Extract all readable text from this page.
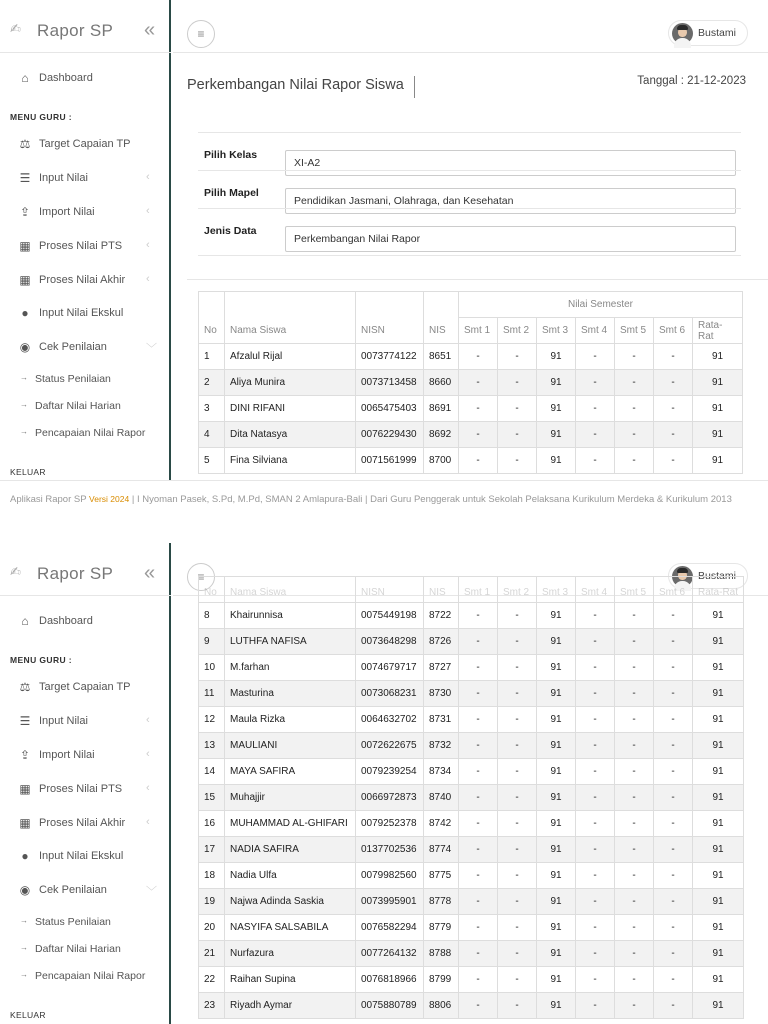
✍ Rapor SP «
⌂ Dashboard
MENU GURU :
⚖ Target Capaian TP
☰ Input Nilai	‹
⇪ Import Nilai	‹
▦ Proses Nilai PTS ‹
▦ Proses Nilai Akhir ‹
● Input Nilai Ekskul
◉ Cek Penilaian	﹀
→ Status Penilaian
→ Daftar Nilai Harian
→ Pencapaian Nilai Rapor
KELUAR
≡	Bustami
Perkembangan Nilai Rapor Siswa	Tanggal : 21-12-2023
Pilih Kelas
XI-A2
Pilih Mapel
Pendidikan Jasmani, Olahraga, dan Kesehatan
Jenis Data
Perkembangan Nilai Rapor
No	Nama Siswa	NISN	NIS	Nilai Semester						
				Smt 1	Smt 2	Smt 3	Smt 4	Smt 5	Smt 6	Rata-Rat
1	Afzalul Rijal	0073774122	8651	-	-	91	-	-	-	91
2	Aliya Munira	0073713458	8660	-	-	91	-	-	-	91
3	DINI RIFANI	0065475403	8691	-	-	91	-	-	-	91
4	Dita Natasya	0076229430	8692	-	-	91	-	-	-	91
5	Fina Silviana	0071561999	8700	-	-	91	-	-	-	91
Aplikasi Rapor SP Versi 2024 | I Nyoman Pasek, S.Pd, M.Pd, SMAN 2 Amlapura-Bali | Dari Guru Penggerak untuk Sekolah Pelaksana Kurikulum Merdeka & Kurikulum 2013
✍ Rapor SP «
⌂ Dashboard
MENU GURU :
⚖ Target Capaian TP
☰ Input Nilai	‹
⇪ Import Nilai	‹
▦ Proses Nilai PTS ‹
▦ Proses Nilai Akhir ‹
● Input Nilai Ekskul
◉ Cek Penilaian	﹀
→ Status Penilaian
→ Daftar Nilai Harian
→ Pencapaian Nilai Rapor
KELUAR
≡	Bustami
No	Nama Siswa	NISN	NIS	Smt 1	Smt 2	Smt 3	Smt 4	Smt 5	Smt 6	Rata-Rat
8	Khairunnisa	0075449198	8722	-	-	91	-	-	-	91
9	LUTHFA NAFISA	0073648298	8726	-	-	91	-	-	-	91
10	M.farhan	0074679717	8727	-	-	91	-	-	-	91
11	Masturina	0073068231	8730	-	-	91	-	-	-	91
12	Maula Rizka	0064632702	8731	-	-	91	-	-	-	91
13	MAULIANI	0072622675	8732	-	-	91	-	-	-	91
14	MAYA SAFIRA	0079239254	8734	-	-	91	-	-	-	91
15	Muhajjir	0066972873	8740	-	-	91	-	-	-	91
16	MUHAMMAD AL-GHIFARI	0079252378	8742	-	-	91	-	-	-	91
17	NADIA SAFIRA	0137702536	8774	-	-	91	-	-	-	91
18	Nadia Ulfa	0079982560	8775	-	-	91	-	-	-	91
19	Najwa Adinda Saskia	0073995901	8778	-	-	91	-	-	-	91
20	NASYIFA SALSABILA	0076582294	8779	-	-	91	-	-	-	91
21	Nurfazura	0077264132	8788	-	-	91	-	-	-	91
22	Raihan Supina	0076818966	8799	-	-	91	-	-	-	91
23	Riyadh Aymar	0075880789	8806	-	-	91	-	-	-	91
